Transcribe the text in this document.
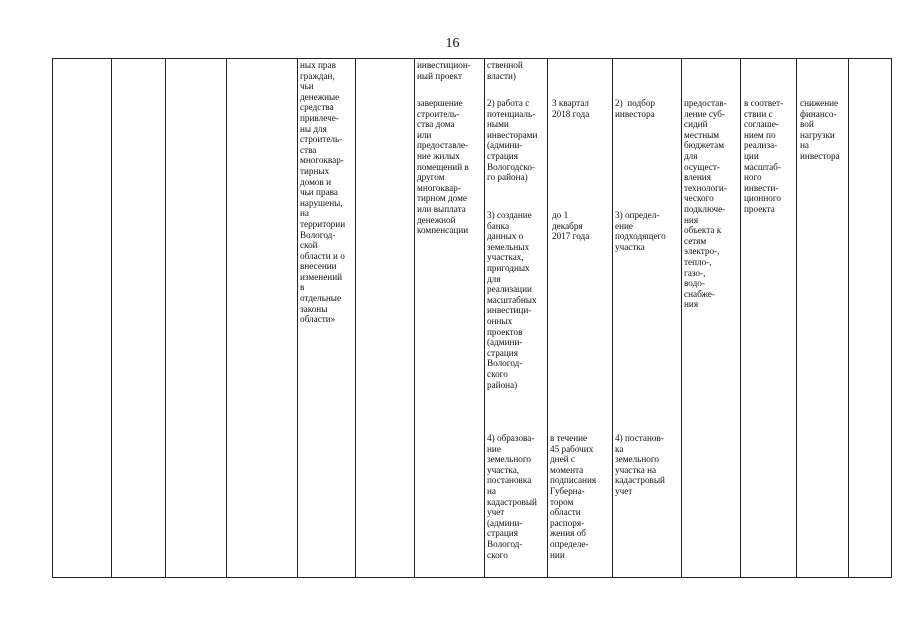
16
ных прав
граждан,
чьи
денежные
средства
привлече-
ны для
строитель-
ства
многоквар-
тирных
домов и
чьи права
нарушены,
на
территории
Вологод-
ской
области и о
внесении
изменений
в
отдельные
законы
области»
инвестицион-
ный проект
завершение
строитель-
ства дома
или
предоставле-
ние жилых
помещений в
другом
многоквар-
тирном доме
или выплата
денежной
компенсации
ственной
власти)
2) работа с
потенциаль-
ными
инвесторами
(админи-
страция
Вологодско-
го района)
3) создание
банка
данных о
земельных
участках,
пригодных
для
реализации
масштабных
инвестици-
онных
проектов
(админи-
страция
Вологод-
ского
района)
4) образова-
ние
земельного
участка,
постановка
на
кадастровый
учет
(админи-
страция
Вологод-
ского
3 квартал
2018 года
до 1
декабря
2017 года
в течение
45 рабочих
дней с
момента
подписания
Губерна-
тором
области
распоря-
жения об
определе-
нии
2)  подбор
инвестора
3) определ-
ение
подходящего
участка
4) постанов-
ка
земельного
участка на
кадастровый
учет
предостав-
ление суб-
сидий
местным
бюджетам
для
осущест-
вления
технологи-
ческого
подключе-
ния
объекта к
сетям
электро-,
тепло-,
газо-,
водо-
снабже-
ния
в соответ-
ствии с
соглаше-
нием по
реализа-
ции
масштаб-
ного
инвести-
ционного
проекта
снижение
финансо-
вой
нагрузки
на
инвестора
